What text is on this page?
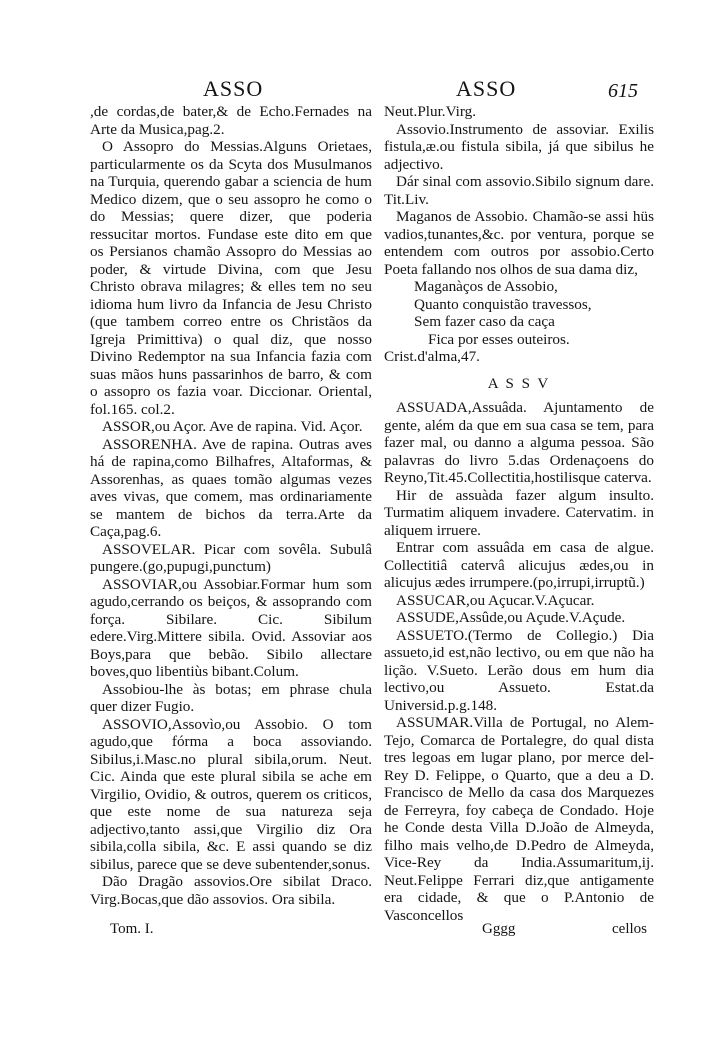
ASSO	ASSO	615

,de cordas,de bater,& de Echo.Fernades na Arte da Musica,pag.2.

O Assopro do Messias.Alguns Orietaes, particularmente os da Scyta dos Musulmanos na Turquia, querendo gabar a sciencia de hum Medico dizem, que o seu assopro he como o do Messias; quere dizer, que poderia ressucitar mortos. Fundase este dito em que os Persianos chamão Assopro do Messias ao poder, & virtude Divina, com que Jesu Christo obrava milagres; & elles tem no seu idioma hum livro da Infancia de Jesu Christo (que tambem correo entre os Christãos da Igreja Primittiva) o qual diz, que nosso Divino Redemptor na sua Infancia fazia com suas mãos huns passarinhos de barro, & com o assopro os fazia voar. Diccionar. Oriental, fol.165. col.2.

ASSOR,ou Açor. Ave de rapina. Vid. Açor.

ASSORENHA. Ave de rapina. Outras aves há de rapina,como Bilhafres, Altaformas, & Assorenhas, as quaes tomão algumas vezes aves vivas, que comem, mas ordinariamente se mantem de bichos da terra.Arte da Caça,pag.6.

ASSOVELAR. Picar com sovêla. Subulâ pungere.(go,pupugi,punctum)

ASSOVIAR,ou Assobiar.Formar hum som agudo,cerrando os beiços, & assoprando com força. Sibilare. Cic. Sibilum edere.Virg.Mittere sibila. Ovid. Assoviar aos Boys,para que bebão. Sibilo allectare boves,quo libentiùs bibant.Colum.

Assobiou-lhe às botas; em phrase chula quer dizer Fugio.

ASSOVIO,Assovìo,ou Assobio. O tom agudo,que fórma a boca assoviando. Sibilus,i.Masc.no plural sibila,orum. Neut. Cic. Ainda que este plural sibila se ache em Virgilio, Ovidio, & outros, querem os criticos, que este nome de sua natureza seja adjectivo,tanto assi,que Virgilio diz Ora sibila,colla sibila, &c. E assi quando se diz sibilus, parece que se deve subentender,sonus.

Dão Dragão assovios.Ore sibilat Draco. Virg.Bocas,que dão assovios. Ora sibila.

Neut.Plur.Virg.

Assovio.Instrumento de assoviar. Exilis fistula,æ.ou fistula sibila, já que sibilus he adjectivo.

Dár sinal com assovio.Sibilo signum dare. Tit.Liv.

Maganos de Assobio. Chamão-se assi hüs vadios,tunantes,&c. por ventura, porque se entendem com outros por assobio.Certo Poeta fallando nos olhos de sua dama diz,

Maganàços de Assobio,

Quanto conquistão travessos,

Sem fazer caso da caça

Fica por esses outeiros.

Crist.d'alma,47.

A S S V

ASSUADA,Assuâda. Ajuntamento de gente, além da que em sua casa se tem, para fazer mal, ou danno a alguma pessoa. São palavras do livro 5.das Ordenaçoens do Reyno,Tit.45.Collectitia,hostilisque caterva.

Hir de assuàda fazer algum insulto. Turmatim aliquem invadere. Catervatim. in aliquem irruere.

Entrar com assuâda em casa de algue. Collectitiâ catervâ alicujus ædes,ou in alicujus ædes irrumpere.(po,irrupi,irruptũ.)

ASSUCAR,ou Açucar.V.Açucar.

ASSUDE,Assûde,ou Açude.V.Açude.

ASSUETO.(Termo de Collegio.) Dia assueto,id est,não lectivo, ou em que não ha lição. V.Sueto. Lerão dous em hum dia lectivo,ou Assueto. Estat.da Universid.p.g.148.

ASSUMAR.Villa de Portugal, no Alem-Tejo, Comarca de Portalegre, do qual dista tres legoas em lugar plano, por merce del-Rey D. Felippe, o Quarto, que a deu a D. Francisco de Mello da casa dos Marquezes de Ferreyra, foy cabeça de Condado. Hoje he Conde desta Villa D.João de Almeyda, filho mais velho,de D.Pedro de Almeyda, Vice-Rey da India.Assumaritum,ij. Neut.Felippe Ferrari diz,que antigamente era cidade, & que o P.Antonio de Vasconcellos

Tom. I.	Gggg	cellos
